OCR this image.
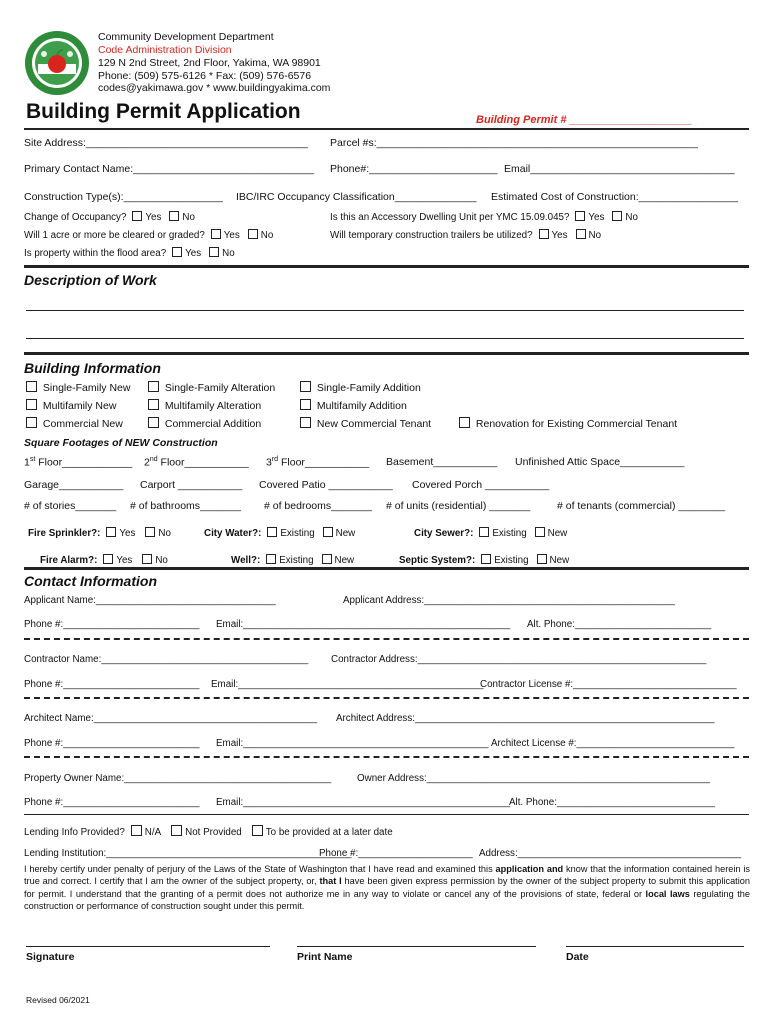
Community Development Department
Code Administration Division
129 N 2nd Street, 2nd Floor, Yakima, WA 98901
Phone: (509) 575-6126 * Fax: (509) 576-6576
codes@yakimawa.gov * www.buildingyakima.com
Building Permit Application	Building Permit # ____________________
Site Address:______________________________________ Parcel #s:_______________________________________________________
Primary Contact Name:_______________________________ Phone#:______________________ Email___________________________________
Construction Type(s):_________________ IBC/IRC Occupancy Classification______________ Estimated Cost of Construction:_________________
Change of Occupancy? Yes No
Will 1 acre or more be cleared or graded? Yes No
Is property within the flood area? Yes No
Is this an Accessory Dwelling Unit per YMC 15.09.045? Yes No
Will temporary construction trailers be utilized? Yes No
Description of Work
Building Information
Single-Family New	Single-Family Alteration	Single-Family Addition
Multifamily New	Multifamily Alteration	Multifamily Addition
Commercial New	Commercial Addition	New Commercial Tenant	Renovation for Existing Commercial Tenant
Square Footages of NEW Construction
1st Floor____________ 2nd Floor___________ 3rd Floor___________ Basement___________ Unfinished Attic Space___________
Garage___________ Carport ___________ Covered Patio ___________ Covered Porch ___________
# of stories_______ # of bathrooms_______ # of bedrooms_______ # of units (residential) _______	# of tenants (commercial) ________
Fire Sprinkler?: Yes No
Fire Alarm?: Yes No
City Water?: Existing New
Well?: Existing New
City Sewer?: Existing New
Septic System?: Existing New
Contact Information
Applicant Name:_________________________________	Applicant Address:______________________________________________
Phone #:_________________________ Email:_________________________________________________ Alt. Phone:_________________________
Contractor Name:______________________________________ Contractor Address:_____________________________________________________
Phone #:_________________________ Email:_____________________________________________
Contractor License #:______________________________
Architect Name:_________________________________________ Architect Address:_______________________________________________________
Phone #:_________________________ Email:_____________________________________________ Architect License #:_____________________________
Property Owner Name:______________________________________	Owner Address:____________________________________________________
Phone #:_________________________ Email:_________________________________________________
Alt. Phone:_____________________________
Lending Info Provided? N/A Not Provided To be provided at a later date
Lending Institution:_____________________________________________
Phone #:_____________________ Address:_________________________________________
I hereby certify under penalty of perjury of the Laws of the State of Washington that I have read and examined this application and know that the information contained herein is true and correct. I certify that I am the owner of the subject property, or, that I have been given express permission by the owner of the subject property to submit this application for permit. I understand that the granting of a permit does not authorize me in any way to violate or cancel any of the provisions of state, federal or local laws regulating the construction or performance of construction sought under this permit.
Signature	Print Name	Date
Revised 06/2021
